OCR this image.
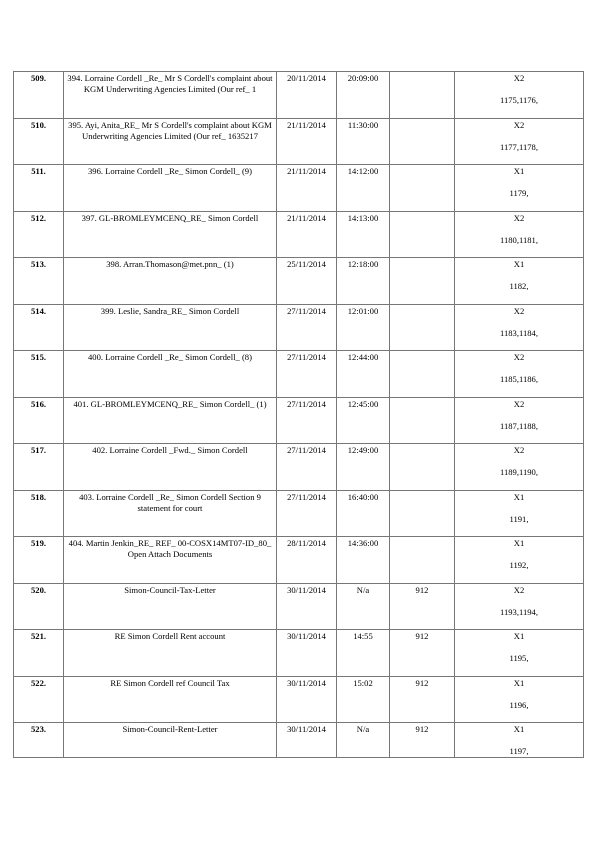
509.	394. Lorraine Cordell _Re_ Mr S Cordell's complaint about KGM Underwriting Agencies Limited (Our ref_ 1	20/11/2014	20:09:00		X2
1175,1176,

510.	395. Ayi, Anita_RE_ Mr S Cordell's complaint about KGM Underwriting Agencies Limited (Our ref_ 1635217	21/11/2014	11:30:00		X2
1177,1178,

511.	396. Lorraine Cordell _Re_ Simon Cordell_ (9)	21/11/2014	14:12:00		X1
1179,

512.	397. GL-BROMLEYMCENQ_RE_ Simon Cordell	21/11/2014	14:13:00		X2
1180,1181,

513.	398. Arran.Thomason@met.pnn_ (1)	25/11/2014	12:18:00		X1
1182,

514.	399. Leslie, Sandra_RE_ Simon Cordell	27/11/2014	12:01:00		X2
1183,1184,

515.	400. Lorraine Cordell _Re_ Simon Cordell_ (8)	27/11/2014	12:44:00		X2
1185,1186,

516.	401. GL-BROMLEYMCENQ_RE_ Simon Cordell_ (1)	27/11/2014	12:45:00		X2
1187,1188,

517.	402. Lorraine Cordell _Fwd._ Simon Cordell	27/11/2014	12:49:00		X2
1189,1190,

518.	403. Lorraine Cordell _Re_ Simon Cordell Section 9 statement for court	27/11/2014	16:40:00		X1
1191,

519.	404. Martin Jenkin_RE_ REF_ 00-COSX14MT07-ID_80_ Open Attach Documents	28/11/2014	14:36:00		X1
1192,

520.	Simon-Council-Tax-Letter	30/11/2014	N/a	912	X2
1193,1194,

521.	RE Simon Cordell Rent account	30/11/2014	14:55	912	X1
1195,

522.	RE Simon Cordell ref Council Tax	30/11/2014	15:02	912	X1
1196,

523.	Simon-Council-Rent-Letter	30/11/2014	N/a	912	X1
1197,
